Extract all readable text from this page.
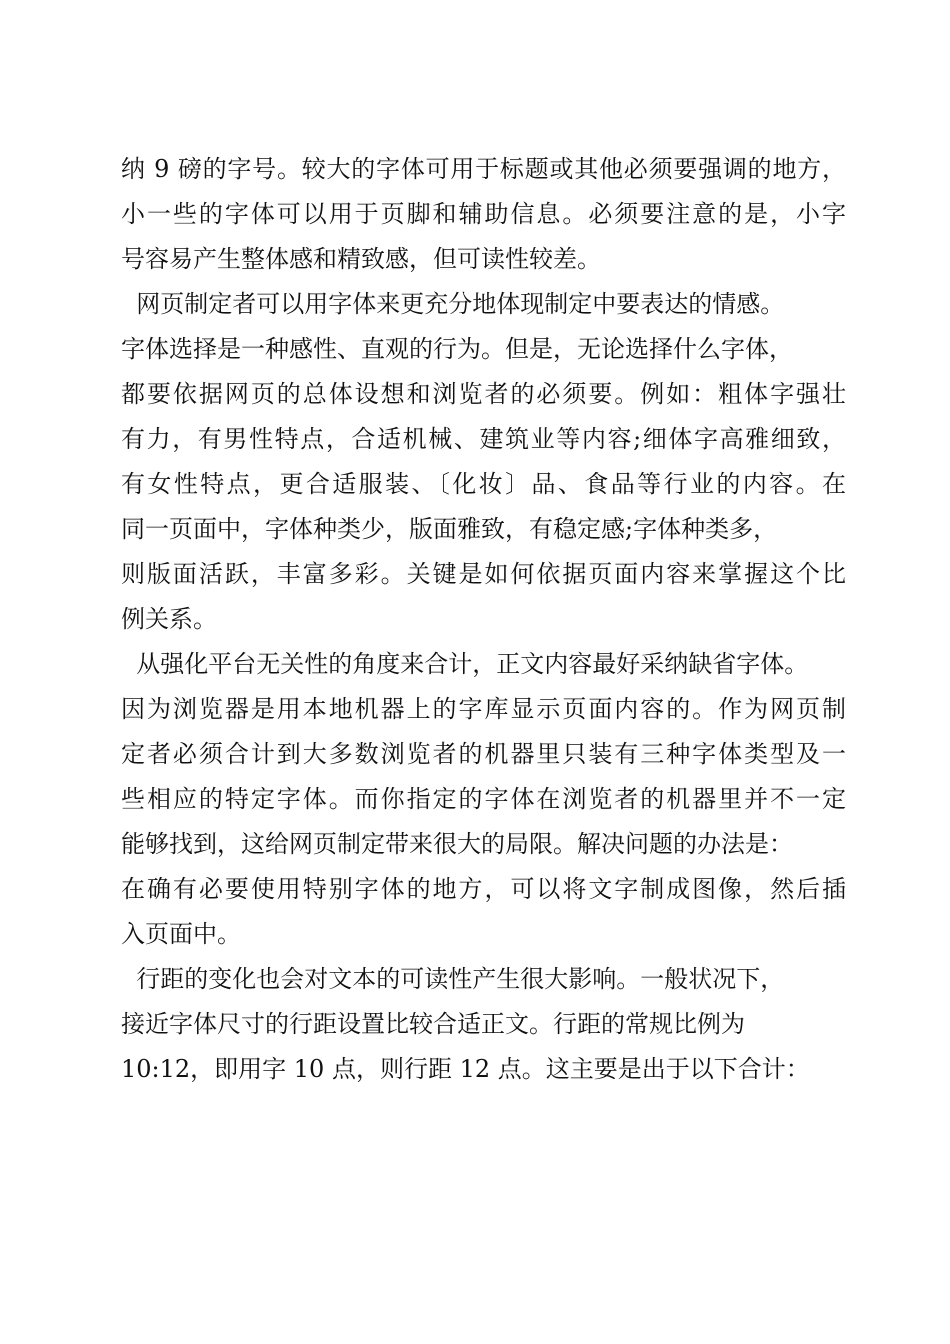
纳 9 磅的字号。较大的字体可用于标题或其他必须要强调的地方，
小一些的字体可以用于页脚和辅助信息。必须要注意的是，小字
号容易产生整体感和精致感，但可读性较差。
网页制定者可以用字体来更充分地体现制定中要表达的情感。
字体选择是一种感性、直观的行为。但是，无论选择什么字体，
都要依据网页的总体设想和浏览者的必须要。例如：粗体字强壮
有力，有男性特点，合适机械、建筑业等内容;细体字高雅细致，
有女性特点，更合适服装、〔化妆〕品、食品等行业的内容。在
同一页面中，字体种类少，版面雅致，有稳定感;字体种类多，
则版面活跃，丰富多彩。关键是如何依据页面内容来掌握这个比
例关系。
从强化平台无关性的角度来合计，正文内容最好采纳缺省字体。
因为浏览器是用本地机器上的字库显示页面内容的。作为网页制
定者必须合计到大多数浏览者的机器里只装有三种字体类型及一
些相应的特定字体。而你指定的字体在浏览者的机器里并不一定
能够找到，这给网页制定带来很大的局限。解决问题的办法是：
在确有必要使用特别字体的地方，可以将文字制成图像，然后插
入页面中。
行距的变化也会对文本的可读性产生很大影响。一般状况下，
接近字体尺寸的行距设置比较合适正文。行距的常规比例为
10:12，即用字 10 点，则行距 12 点。这主要是出于以下合计：
